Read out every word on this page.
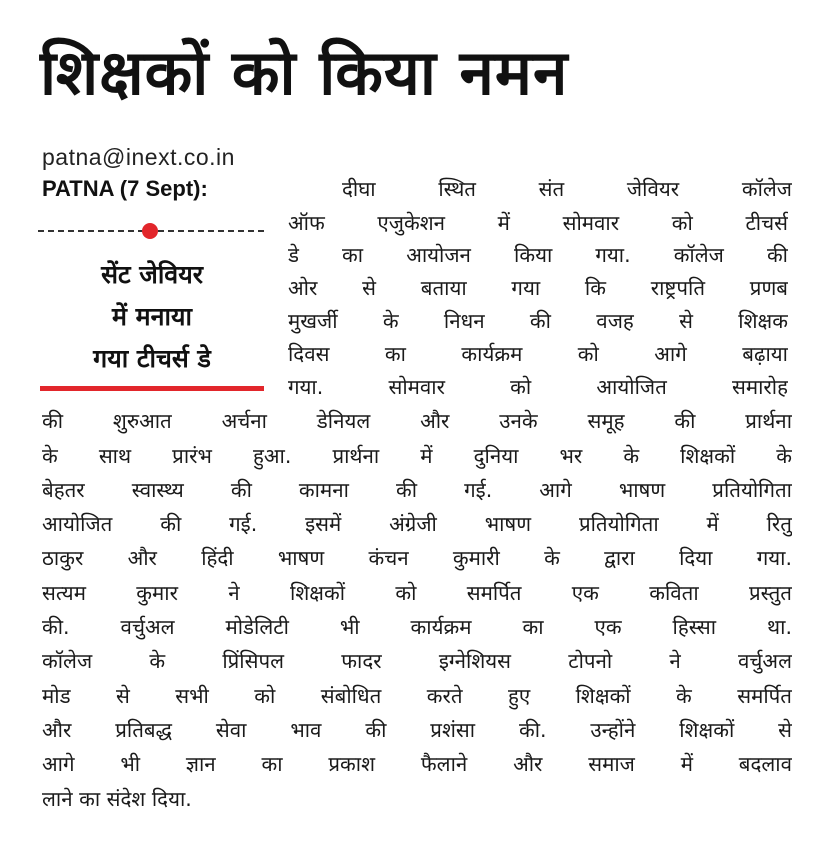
शिक्षकों को किया नमन
patna@inext.co.in
PATNA (7 Sept):	दीघा स्थित संत जेवियर कॉलेज
सेंट जेवियर
में मनाया
गया टीचर्स डे
ऑफ एजुकेशन में सोमवार को टीचर्स
डे का आयोजन किया गया. कॉलेज की
ओर से बताया गया कि राष्ट्रपति प्रणब
मुखर्जी के निधन की वजह से शिक्षक
दिवस का कार्यक्रम को आगे बढ़ाया
गया. सोमवार को आयोजित समारोह
की शुरुआत अर्चना डेनियल और उनके समूह की प्रार्थना
के साथ प्रारंभ हुआ. प्रार्थना में दुनिया भर के शिक्षकों के
बेहतर स्वास्थ्य की कामना की गई. आगे भाषण प्रतियोगिता
आयोजित की गई. इसमें अंग्रेजी भाषण प्रतियोगिता में रितु
ठाकुर और हिंदी भाषण कंचन कुमारी के द्वारा दिया गया.
सत्यम कुमार ने शिक्षकों को समर्पित एक कविता प्रस्तुत
की. वर्चुअल मोडेलिटी भी कार्यक्रम का एक हिस्सा था.
कॉलेज के प्रिंसिपल फादर इग्नेशियस टोपनो ने वर्चुअल
मोड से सभी को संबोधित करते हुए शिक्षकों के समर्पित
और प्रतिबद्ध सेवा भाव की प्रशंसा की. उन्होंने शिक्षकों से
आगे भी ज्ञान का प्रकाश फैलाने और समाज में बदलाव
लाने का संदेश दिया.
